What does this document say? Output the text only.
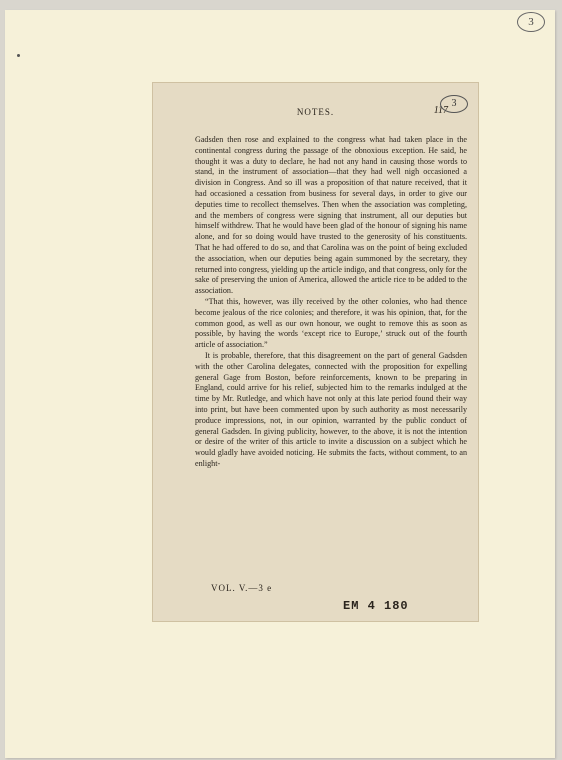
3
NOTES.	117
3

Gadsden then rose and explained to the congress what had taken place in the continental congress during the passage of the obnoxious exception. He said, he thought it was a duty to declare, he had not any hand in causing those words to stand, in the instrument of association—that they had well nigh occasioned a division in Congress. And so ill was a proposition of that nature received, that it had occasioned a cessation from business for several days, in order to give our deputies time to recollect themselves. Then when the association was completing, and the members of congress were signing that instrument, all our deputies but himself withdrew. That he would have been glad of the honour of signing his name alone, and for so doing would have trusted to the generosity of his constituents. That he had offered to do so, and that Carolina was on the point of being excluded the association, when our deputies being again summoned by the secretary, they returned into congress, yielding up the article indigo, and that congress, only for the sake of preserving the union of America, allowed the article rice to be added to the association.

“That this, however, was illy received by the other colonies, who had thence become jealous of the rice colonies; and therefore, it was his opinion, that, for the common good, as well as our own honour, we ought to remove this as soon as possible, by having the words ‘except rice to Europe,’ struck out of the fourth article of association.”

It is probable, therefore, that this disagreement on the part of general Gadsden with the other Carolina delegates, connected with the proposition for expelling general Gage from Boston, before reinforcements, known to be preparing in England, could arrive for his relief, subjected him to the remarks indulged at the time by Mr. Rutledge, and which have not only at this late period found their way into print, but have been commented upon by such authority as most necessarily produce impressions, not, in our opinion, warranted by the public conduct of general Gadsden. In giving publicity, however, to the above, it is not the intention or desire of the writer of this article to invite a discussion on a subject which he would gladly have avoided noticing. He submits the facts, without comment, to an enlight-

VOL. V.—3 e
EM 4 180
